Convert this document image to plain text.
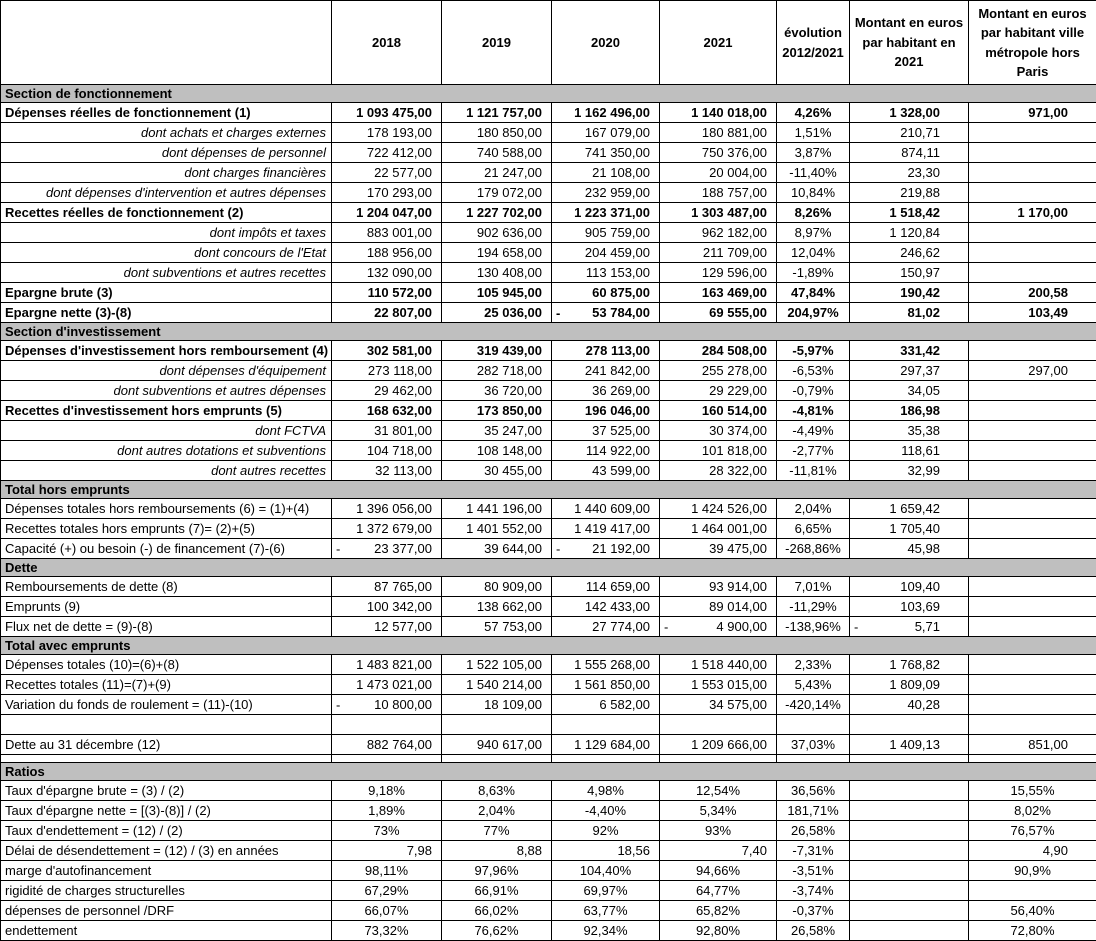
	2018	2019	2020	2021	évolution 2012/2021	Montant en euros par habitant en 2021	Montant en euros par habitant ville métropole hors Paris
Section de fonctionnement							
Dépenses réelles de fonctionnement (1)	1 093 475,00	1 121 757,00	1 162 496,00	1 140 018,00	4,26%	1 328,00	971,00
dont achats et charges externes	178 193,00	180 850,00	167 079,00	180 881,00	1,51%	210,71	
dont dépenses de personnel	722 412,00	740 588,00	741 350,00	750 376,00	3,87%	874,11	
dont charges financières	22 577,00	21 247,00	21 108,00	20 004,00	-11,40%	23,30	
dont dépenses d'intervention et autres dépenses	170 293,00	179 072,00	232 959,00	188 757,00	10,84%	219,88	
Recettes réelles de fonctionnement (2)	1 204 047,00	1 227 702,00	1 223 371,00	1 303 487,00	8,26%	1 518,42	1 170,00
dont impôts et taxes	883 001,00	902 636,00	905 759,00	962 182,00	8,97%	1 120,84	
dont concours de l'Etat	188 956,00	194 658,00	204 459,00	211 709,00	12,04%	246,62	
dont subventions et autres recettes	132 090,00	130 408,00	113 153,00	129 596,00	-1,89%	150,97	
Epargne brute (3)	110 572,00	105 945,00	60 875,00	163 469,00	47,84%	190,42	200,58
Epargne nette (3)-(8)	22 807,00	25 036,00	- 53 784,00	69 555,00	204,97%	81,02	103,49
Section d'investissement							
Dépenses d'investissement hors remboursement (4)	302 581,00	319 439,00	278 113,00	284 508,00	-5,97%	331,42	
dont dépenses d'équipement	273 118,00	282 718,00	241 842,00	255 278,00	-6,53%	297,37	297,00
dont subventions et autres dépenses	29 462,00	36 720,00	36 269,00	29 229,00	-0,79%	34,05	
Recettes d'investissement hors emprunts (5)	168 632,00	173 850,00	196 046,00	160 514,00	-4,81%	186,98	
dont FCTVA	31 801,00	35 247,00	37 525,00	30 374,00	-4,49%	35,38	
dont autres dotations et subventions	104 718,00	108 148,00	114 922,00	101 818,00	-2,77%	118,61	
dont autres recettes	32 113,00	30 455,00	43 599,00	28 322,00	-11,81%	32,99	
Total hors emprunts							
Dépenses totales hors remboursements (6) = (1)+(4)	1 396 056,00	1 441 196,00	1 440 609,00	1 424 526,00	2,04%	1 659,42	
Recettes totales hors emprunts (7)= (2)+(5)	1 372 679,00	1 401 552,00	1 419 417,00	1 464 001,00	6,65%	1 705,40	
Capacité (+) ou besoin (-) de financement (7)-(6)	- 23 377,00	39 644,00	- 21 192,00	39 475,00	-268,86%	45,98	
Dette							
Remboursements de dette (8)	87 765,00	80 909,00	114 659,00	93 914,00	7,01%	109,40	
Emprunts (9)	100 342,00	138 662,00	142 433,00	89 014,00	-11,29%	103,69	
Flux net de dette = (9)-(8)	12 577,00	57 753,00	27 774,00	- 4 900,00	-138,96%	- 5,71	
Total avec emprunts							
Dépenses totales (10)=(6)+(8)	1 483 821,00	1 522 105,00	1 555 268,00	1 518 440,00	2,33%	1 768,82	
Recettes totales (11)=(7)+(9)	1 473 021,00	1 540 214,00	1 561 850,00	1 553 015,00	5,43%	1 809,09	
Variation du fonds de roulement = (11)-(10)	- 10 800,00	18 109,00	6 582,00	34 575,00	-420,14%	40,28	

Dette au 31 décembre (12)	882 764,00	940 617,00	1 129 684,00	1 209 666,00	37,03%	1 409,13	851,00

Ratios							
Taux d'épargne brute = (3) / (2)	9,18%	8,63%	4,98%	12,54%	36,56%		15,55%
Taux d'épargne nette = [(3)-(8)] / (2)	1,89%	2,04%	-4,40%	5,34%	181,71%		8,02%
Taux d'endettement = (12) / (2)	73%	77%	92%	93%	26,58%		76,57%
Délai de désendettement = (12) / (3) en années	7,98	8,88	18,56	7,40	-7,31%		4,90
marge d'autofinancement	98,11%	97,96%	104,40%	94,66%	-3,51%		90,9%
rigidité de charges structurelles	67,29%	66,91%	69,97%	64,77%	-3,74%		
dépenses de personnel /DRF	66,07%	66,02%	63,77%	65,82%	-0,37%		56,40%
endettement	73,32%	76,62%	92,34%	92,80%	26,58%		72,80%
